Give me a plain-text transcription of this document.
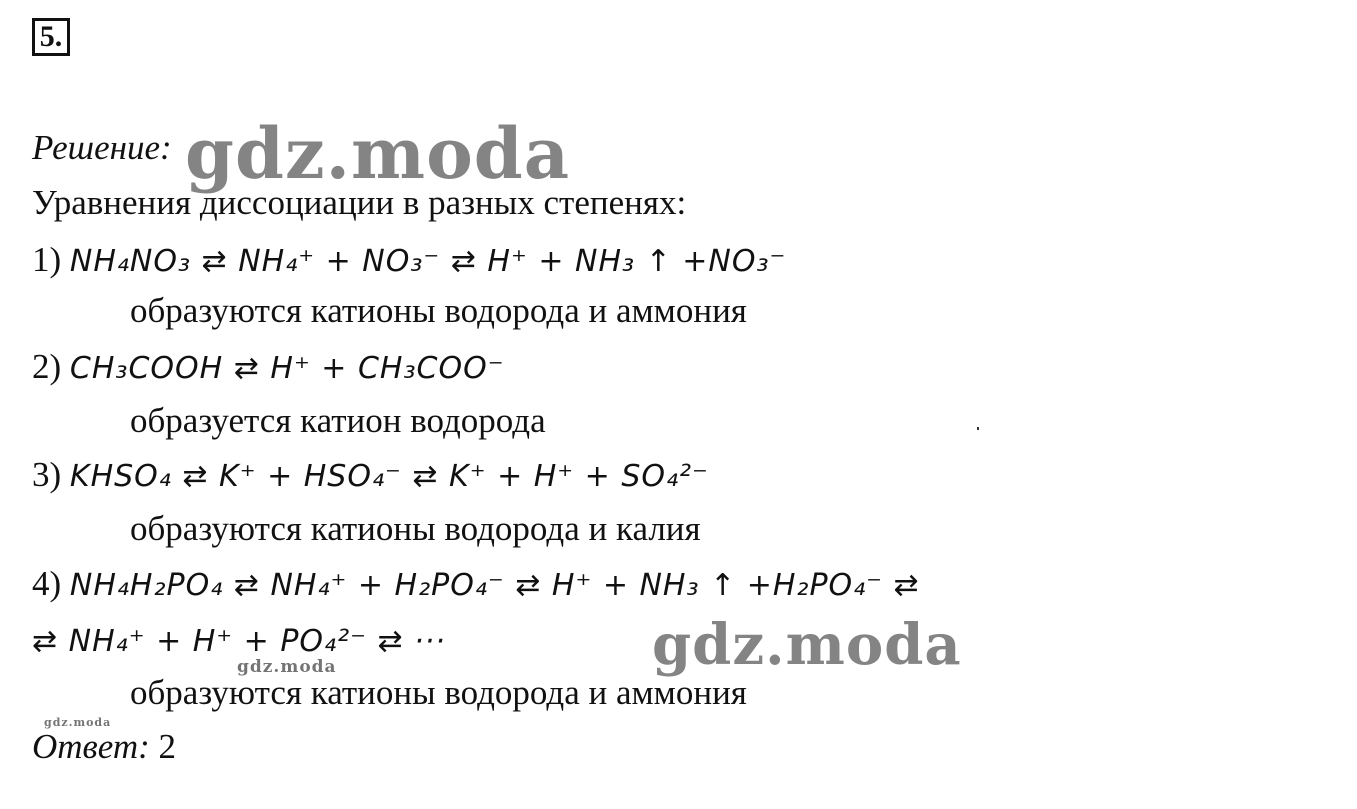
5.
Решение:
Уравнения диссоциации в разных степенях:
1) NH₄NO₃ ⇄ NH₄⁺ + NO₃⁻ ⇄ H⁺ + NH₃ ↑ +NO₃⁻
образуются катионы водорода и аммония
2) CH₃COOH ⇄ H⁺ + CH₃COO⁻
образуется катион водорода
3) KHSO₄ ⇄ K⁺ + HSO₄⁻ ⇄ K⁺ + H⁺ + SO₄²⁻
образуются катионы водорода и калия
4) NH₄H₂PO₄ ⇄ NH₄⁺ + H₂PO₄⁻ ⇄ H⁺ + NH₃ ↑ +H₂PO₄⁻ ⇄
⇄ NH₄⁺ + H⁺ + PO₄²⁻ ⇄ ···
образуются катионы водорода и аммония
Ответ: 2
gdz.moda
gdz.moda
gdz.moda
gdz.moda
